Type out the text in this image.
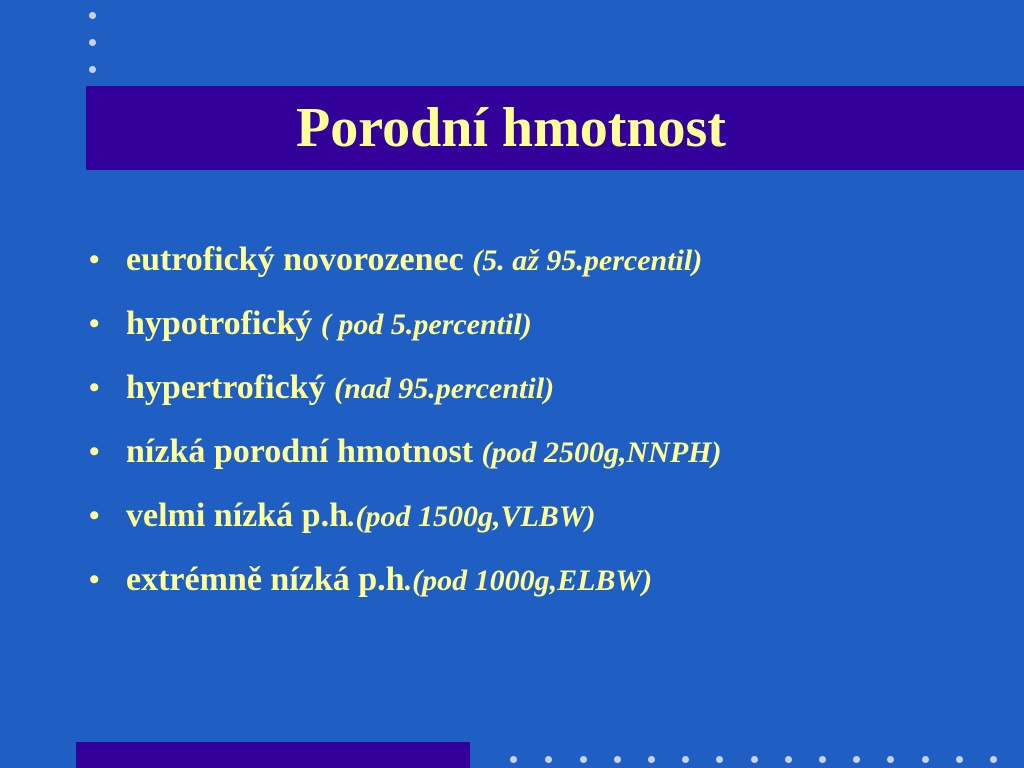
Porodní hmotnost
• eutrofický novorozenec (5. až 95.percentil)
• hypotrofický ( pod 5.percentil)
• hypertrofický (nad 95.percentil)
• nízká porodní hmotnost (pod 2500g,NNPH)
• velmi nízká p.h.(pod 1500g,VLBW)
• extrémně nízká p.h.(pod 1000g,ELBW)
